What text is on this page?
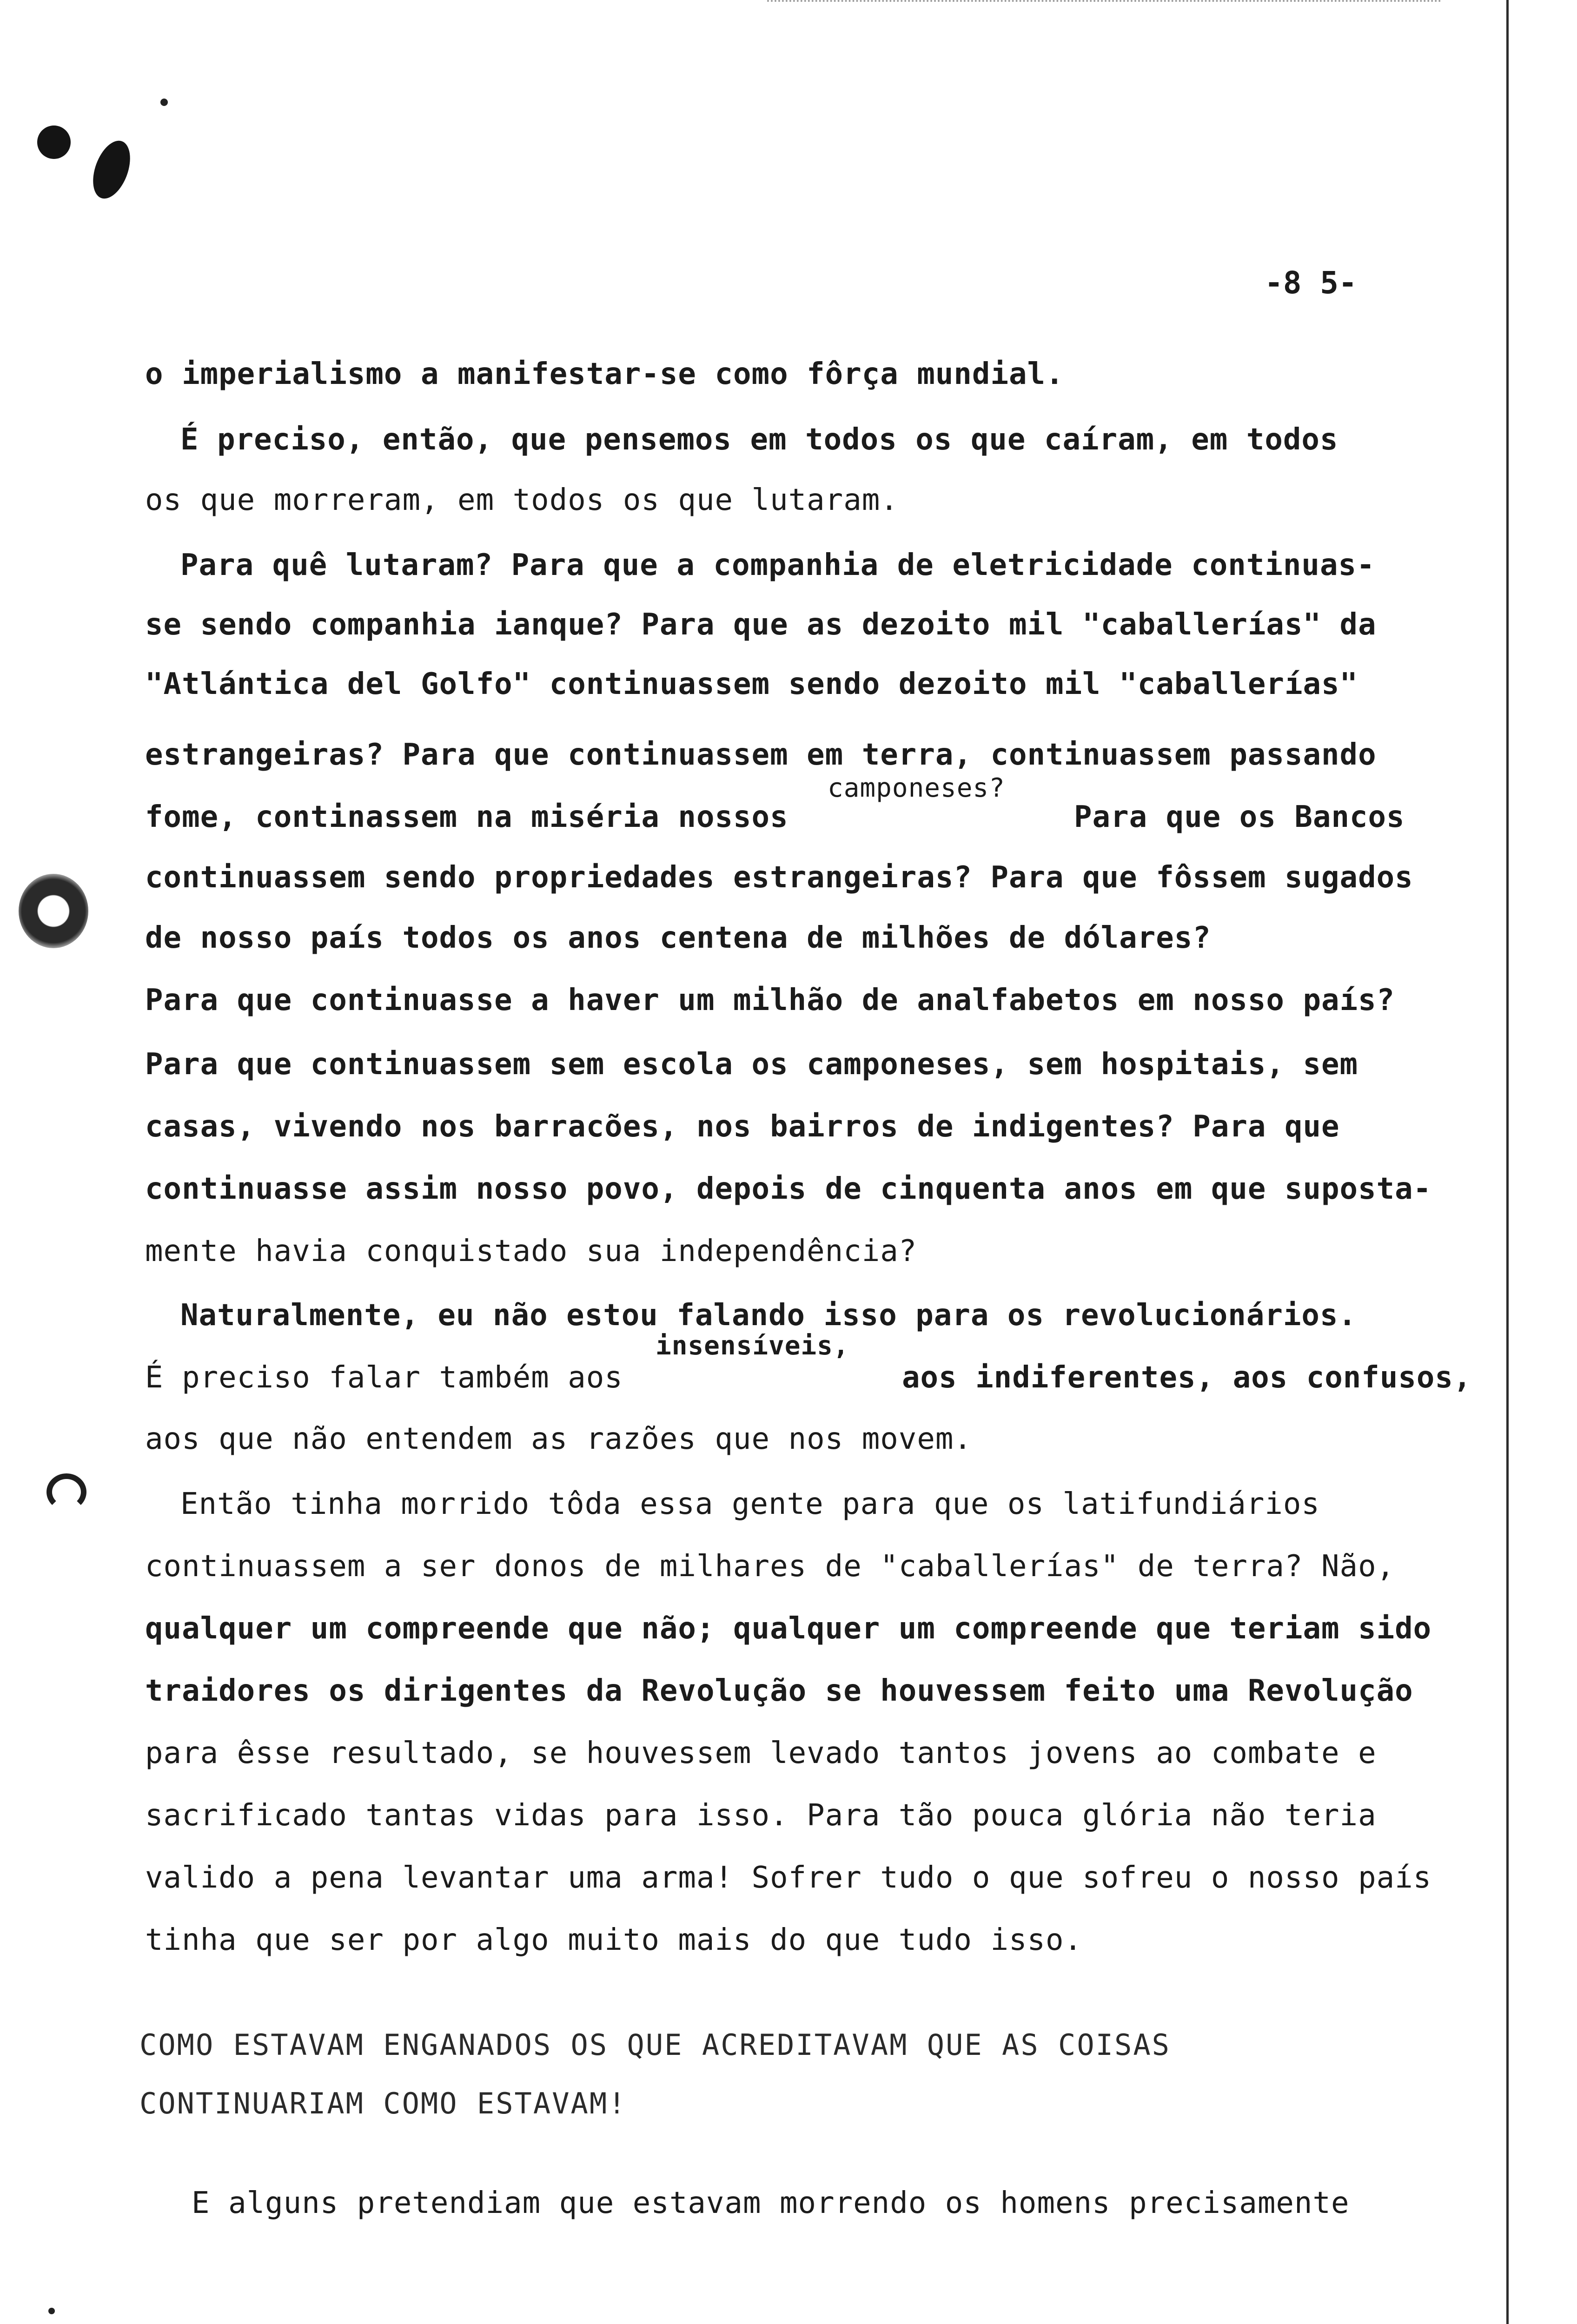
-8 5-
o imperialismo a manifestar-se como fôrça mundial.
É preciso, então, que pensemos em todos os que caíram, em todos
os que morreram, em todos os que lutaram.
Para quê lutaram? Para que a companhia de eletricidade continuas-
se sendo companhia ianque? Para que as dezoito mil "caballerías" da
"Atlántica del Golfo" continuassem sendo dezoito mil "caballerías"
estrangeiras? Para que continuassem em terra, continuassem passando
camponeses?
fome, continassem na miséria nossos	Para que os Bancos
continuassem sendo propriedades estrangeiras? Para que fôssem sugados
de nosso país todos os anos centena de milhões de dólares?
Para que continuasse a haver um milhão de analfabetos em nosso país?
Para que continuassem sem escola os camponeses, sem hospitais, sem
casas, vivendo nos barracões, nos bairros de indigentes? Para que
continuasse assim nosso povo, depois de cinquenta anos em que suposta-
mente havia conquistado sua independência?
Naturalmente, eu não estou falando isso para os revolucionários.
insensíveis,
É preciso falar também aos	aos indiferentes, aos confusos,
aos que não entendem as razões que nos movem.
Então tinha morrido tôda essa gente para que os latifundiários
continuassem a ser donos de milhares de "caballerías" de terra? Não,
qualquer um compreende que não; qualquer um compreende que teriam sido
traidores os dirigentes da Revolução se houvessem feito uma Revolução
para êsse resultado, se houvessem levado tantos jovens ao combate e
sacrificado tantas vidas para isso. Para tão pouca glória não teria
valido a pena levantar uma arma! Sofrer tudo o que sofreu o nosso país
tinha que ser por algo muito mais do que tudo isso.
COMO ESTAVAM ENGANADOS OS QUE ACREDITAVAM QUE AS COISAS
CONTINUARIAM COMO ESTAVAM!
E alguns pretendiam que estavam morrendo os homens precisamente
